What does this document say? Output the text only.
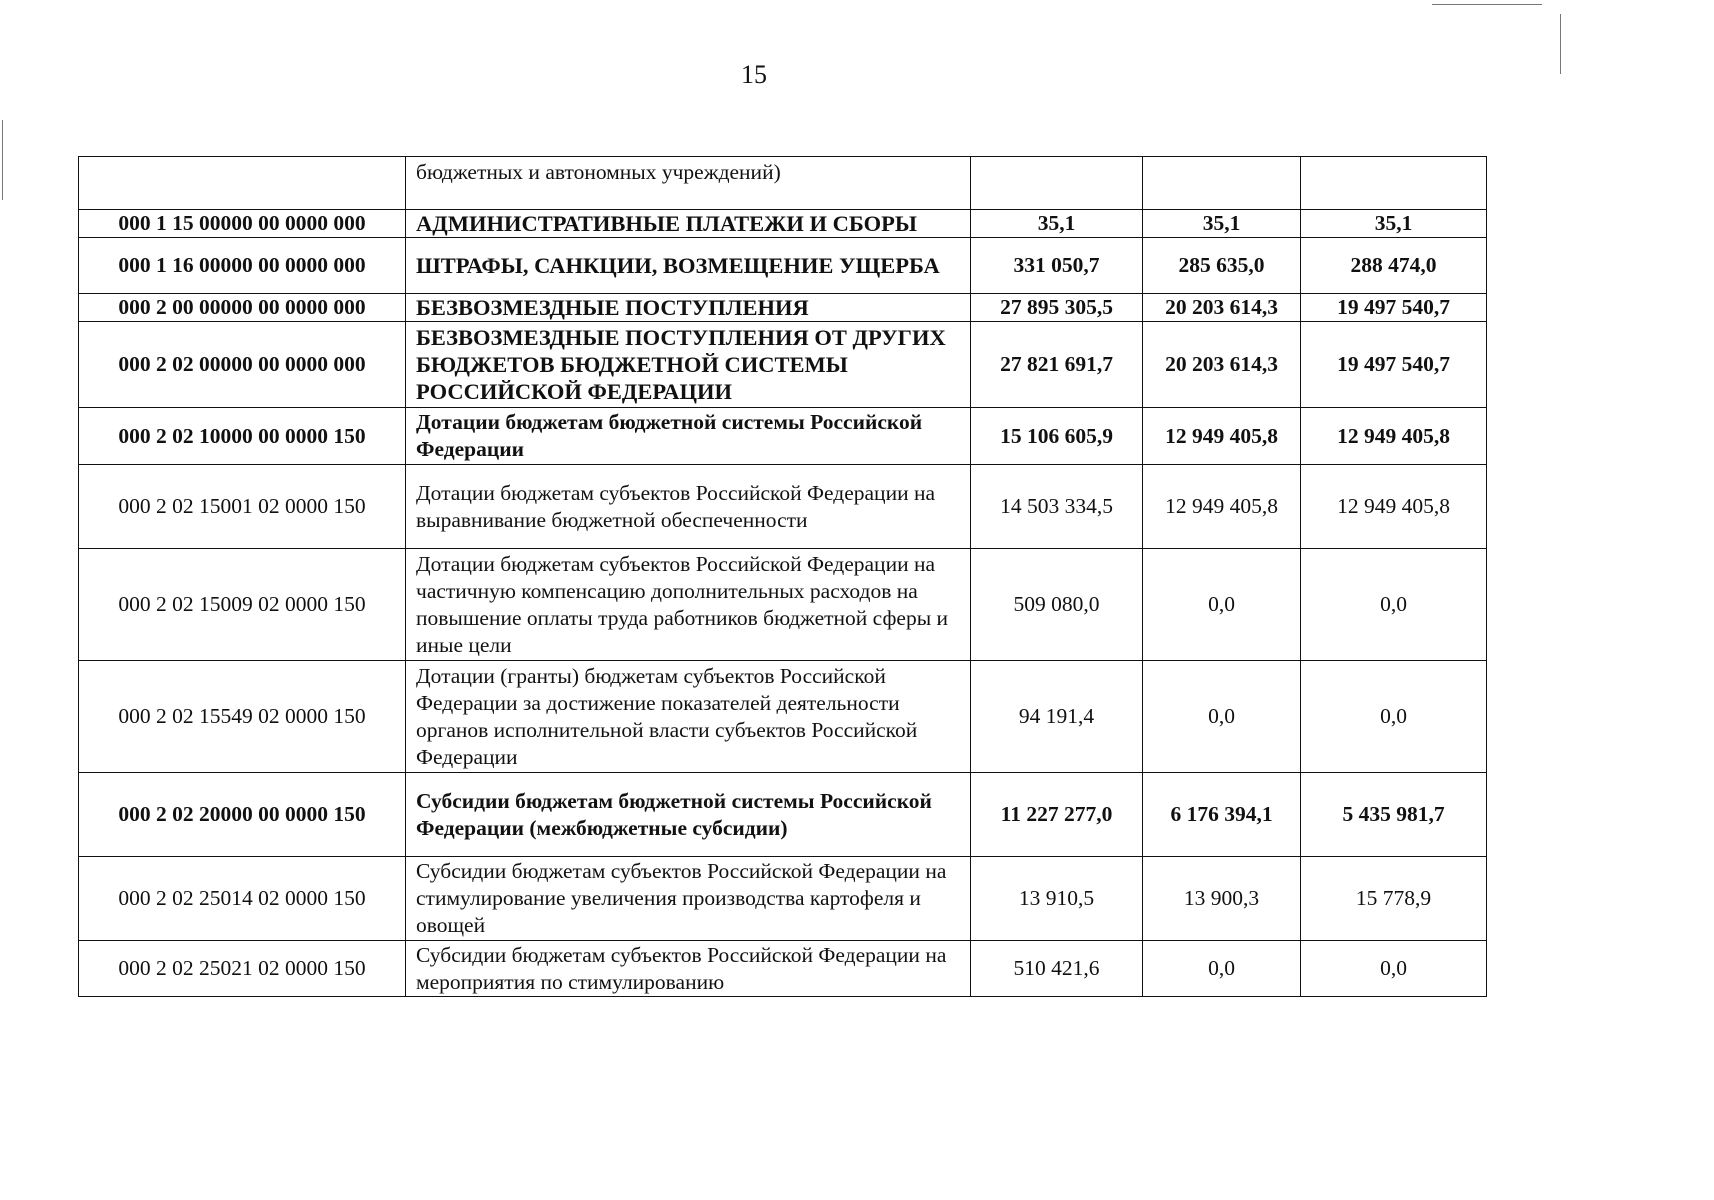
15
	бюджетных и автономных учреждений)			
000 1 15 00000 00 0000 000	АДМИНИСТРАТИВНЫЕ ПЛАТЕЖИ И СБОРЫ	35,1	35,1	35,1
000 1 16 00000 00 0000 000	ШТРАФЫ, САНКЦИИ, ВОЗМЕЩЕНИЕ УЩЕРБА	331 050,7	285 635,0	288 474,0
000 2 00 00000 00 0000 000	БЕЗВОЗМЕЗДНЫЕ ПОСТУПЛЕНИЯ	27 895 305,5	20 203 614,3	19 497 540,7
000 2 02 00000 00 0000 000	БЕЗВОЗМЕЗДНЫЕ ПОСТУПЛЕНИЯ ОТ ДРУГИХ БЮДЖЕТОВ БЮДЖЕТНОЙ СИСТЕМЫ РОССИЙСКОЙ ФЕДЕРАЦИИ	27 821 691,7	20 203 614,3	19 497 540,7
000 2 02 10000 00 0000 150	Дотации бюджетам бюджетной системы Российской Федерации	15 106 605,9	12 949 405,8	12 949 405,8
000 2 02 15001 02 0000 150	Дотации бюджетам субъектов Российской Федерации на выравнивание бюджетной обеспеченности	14 503 334,5	12 949 405,8	12 949 405,8
000 2 02 15009 02 0000 150	Дотации бюджетам субъектов Российской Федерации на частичную компенсацию дополнительных расходов на повышение оплаты труда работников бюджетной сферы и иные цели	509 080,0	0,0	0,0
000 2 02 15549 02 0000 150	Дотации (гранты) бюджетам субъектов Российской Федерации за достижение показателей деятельности органов исполнительной власти субъектов Российской Федерации	94 191,4	0,0	0,0
000 2 02 20000 00 0000 150	Субсидии бюджетам бюджетной системы Российской Федерации (межбюджетные субсидии)	11 227 277,0	6 176 394,1	5 435 981,7
000 2 02 25014 02 0000 150	Субсидии бюджетам субъектов Российской Федерации на стимулирование увеличения производства картофеля и овощей	13 910,5	13 900,3	15 778,9
000 2 02 25021 02 0000 150	Субсидии бюджетам субъектов Российской Федерации на мероприятия по стимулированию	510 421,6	0,0	0,0
